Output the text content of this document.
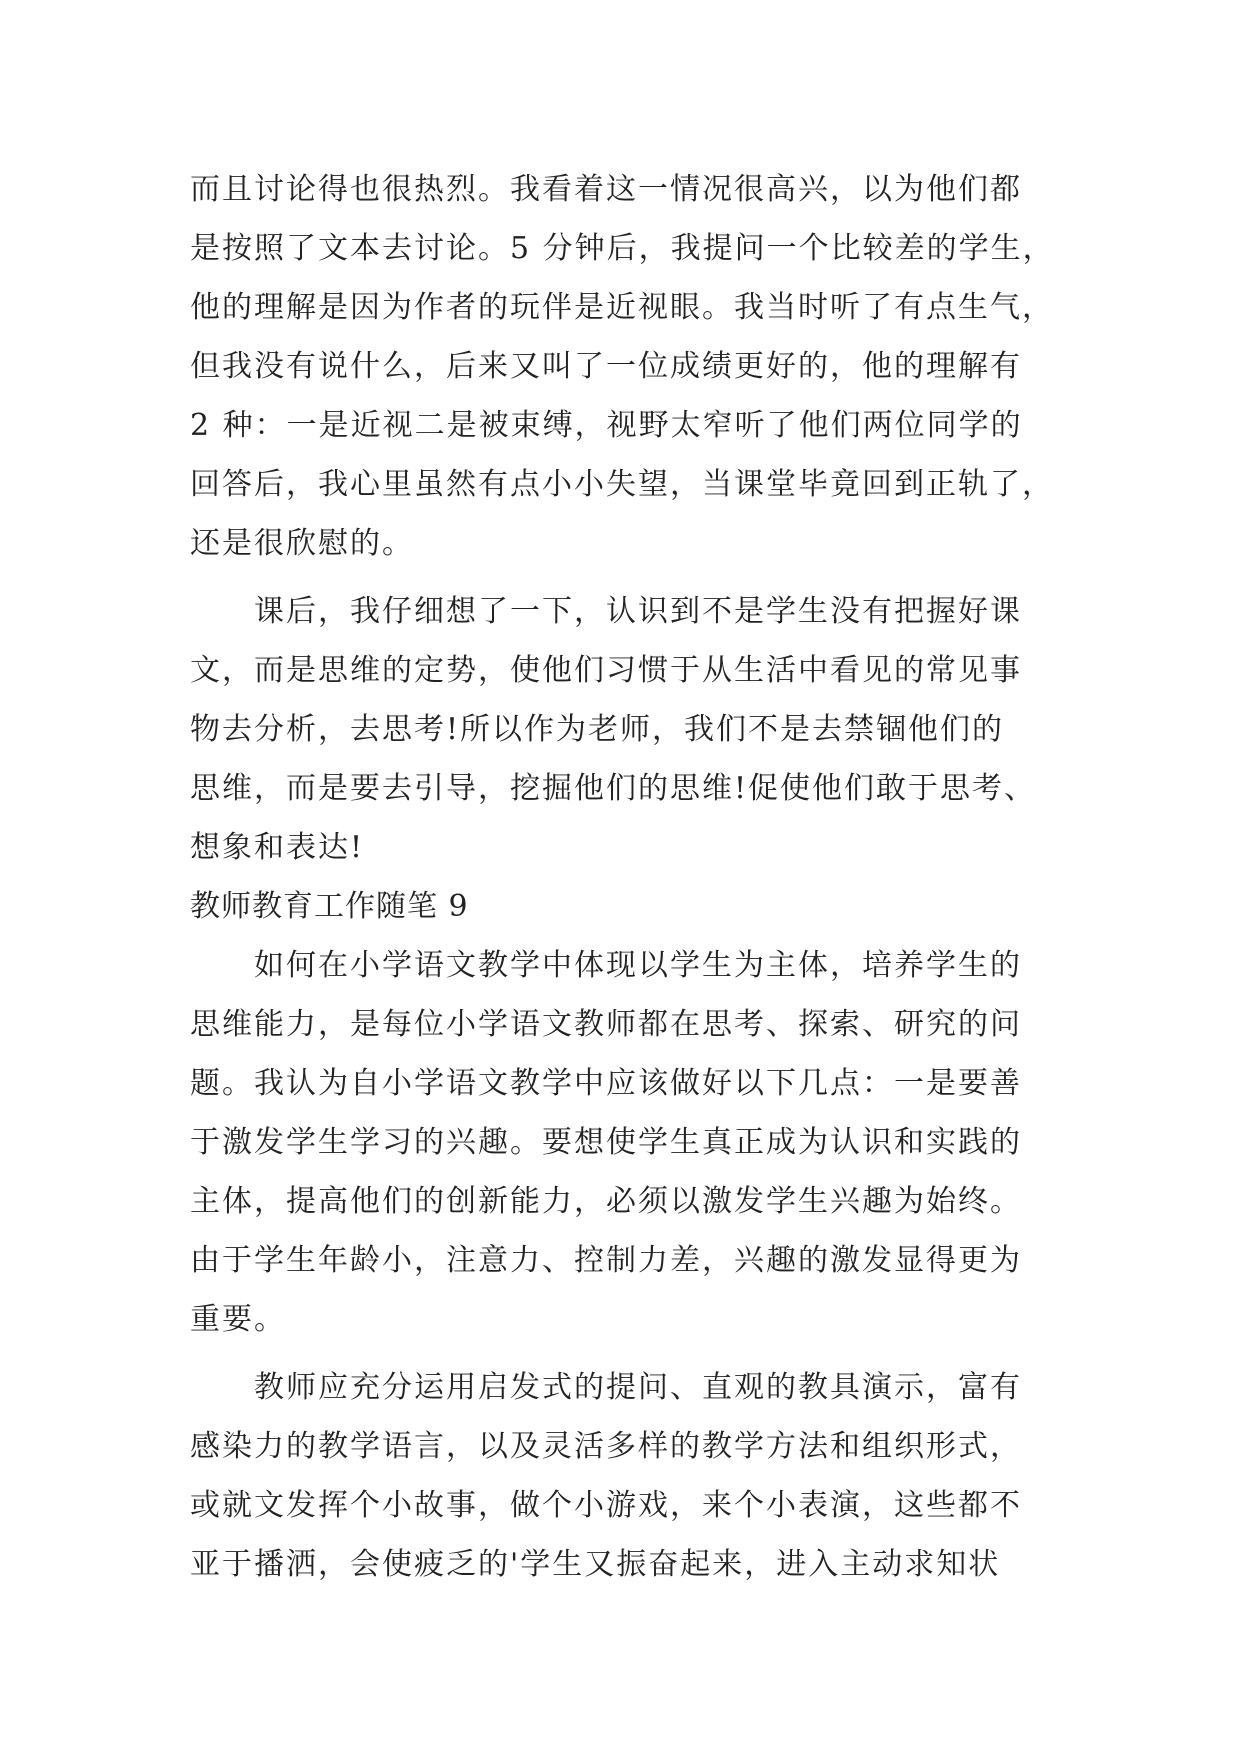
而且讨论得也很热烈。我看着这一情况很高兴，以为他们都
是按照了文本去讨论。5 分钟后，我提问一个比较差的学生，
他的理解是因为作者的玩伴是近视眼。我当时听了有点生气，
但我没有说什么，后来又叫了一位成绩更好的，他的理解有
2 种：一是近视二是被束缚，视野太窄听了他们两位同学的
回答后，我心里虽然有点小小失望，当课堂毕竟回到正轨了，
还是很欣慰的。
课后，我仔细想了一下，认识到不是学生没有把握好课
文，而是思维的定势，使他们习惯于从生活中看见的常见事
物去分析，去思考!所以作为老师，我们不是去禁锢他们的
思维，而是要去引导，挖掘他们的思维!促使他们敢于思考、
想象和表达!
教师教育工作随笔 9
如何在小学语文教学中体现以学生为主体，培养学生的
思维能力，是每位小学语文教师都在思考、探索、研究的问
题。我认为自小学语文教学中应该做好以下几点：一是要善
于激发学生学习的兴趣。要想使学生真正成为认识和实践的
主体，提高他们的创新能力，必须以激发学生兴趣为始终。
由于学生年龄小，注意力、控制力差，兴趣的激发显得更为
重要。
教师应充分运用启发式的提问、直观的教具演示，富有
感染力的教学语言，以及灵活多样的教学方法和组织形式，
或就文发挥个小故事，做个小游戏，来个小表演，这些都不
亚于播洒，会使疲乏的'学生又振奋起来，进入主动求知状
